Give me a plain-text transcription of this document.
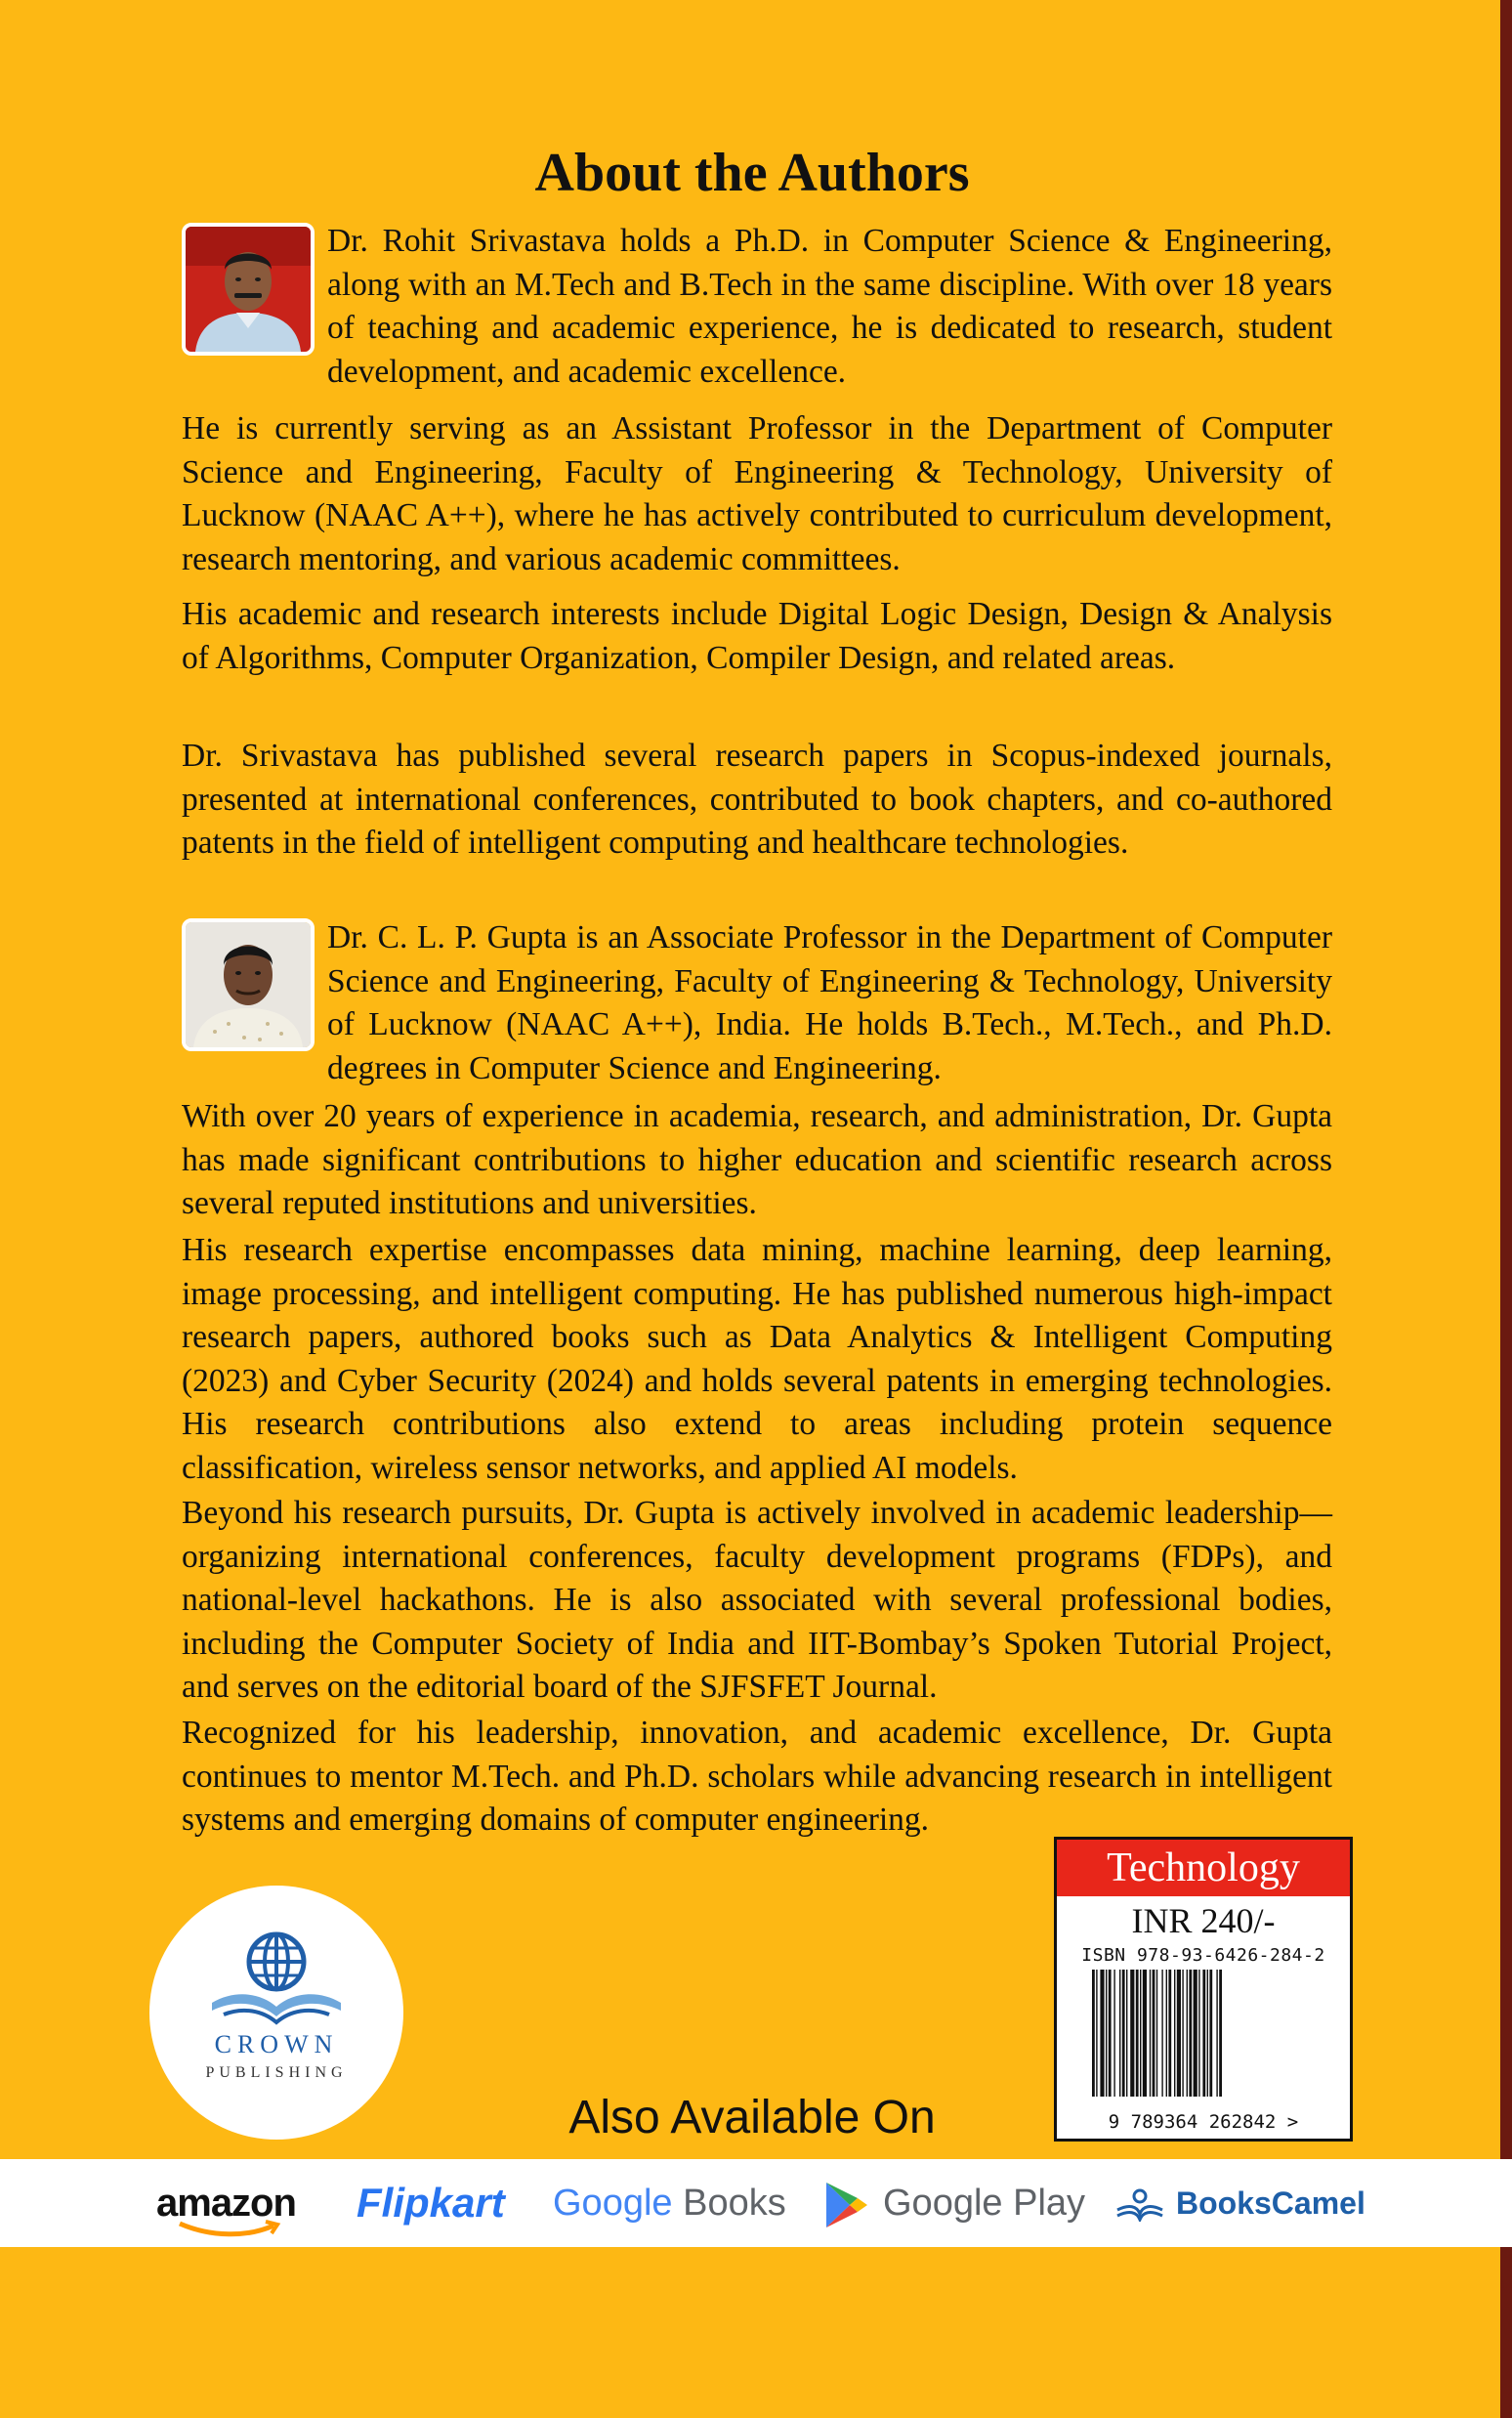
About the Authors

Dr. Rohit Srivastava holds a Ph.D. in Computer Science & Engineering, along with an M.Tech and B.Tech in the same discipline. With over 18 years of teaching and academic experience, he is dedicated to research, student development, and academic excellence.

He is currently serving as an Assistant Professor in the Department of Computer Science and Engineering, Faculty of Engineering & Technology, University of Lucknow (NAAC A++), where he has actively contributed to curriculum development, research mentoring, and various academic committees.

His academic and research interests include Digital Logic Design, Design & Analysis of Algorithms, Computer Organization, Compiler Design, and related areas.

Dr. Srivastava has published several research papers in Scopus-indexed journals, presented at international conferences, contributed to book chapters, and co-authored patents in the field of intelligent computing and healthcare technologies.

Dr. C. L. P. Gupta is an Associate Professor in the Department of Computer Science and Engineering, Faculty of Engineering & Technology, University of Lucknow (NAAC A++), India. He holds B.Tech., M.Tech., and Ph.D. degrees in Computer Science and Engineering.

With over 20 years of experience in academia, research, and administration, Dr. Gupta has made significant contributions to higher education and scientific research across several reputed institutions and universities.

His research expertise encompasses data mining, machine learning, deep learning, image processing, and intelligent computing. He has published numerous high-impact research papers, authored books such as Data Analytics & Intelligent Computing (2023) and Cyber Security (2024) and holds several patents in emerging technologies. His research contributions also extend to areas including protein sequence classification, wireless sensor networks, and applied AI models.

Beyond his research pursuits, Dr. Gupta is actively involved in academic leadership—organizing international conferences, faculty development programs (FDPs), and national-level hackathons. He is also associated with several professional bodies, including the Computer Society of India and IIT-Bombay’s Spoken Tutorial Project, and serves on the editorial board of the SJFSFET Journal.

Recognized for his leadership, innovation, and academic excellence, Dr. Gupta continues to mentor M.Tech. and Ph.D. scholars while advancing research in intelligent systems and emerging domains of computer engineering.

CROWN
PUBLISHING
Technology
INR 240/-
ISBN 978-93-6426-284-2
9 789364 262842 >
Also Available On
amazon Flipkart Google Books	Google Play	BooksCamel
